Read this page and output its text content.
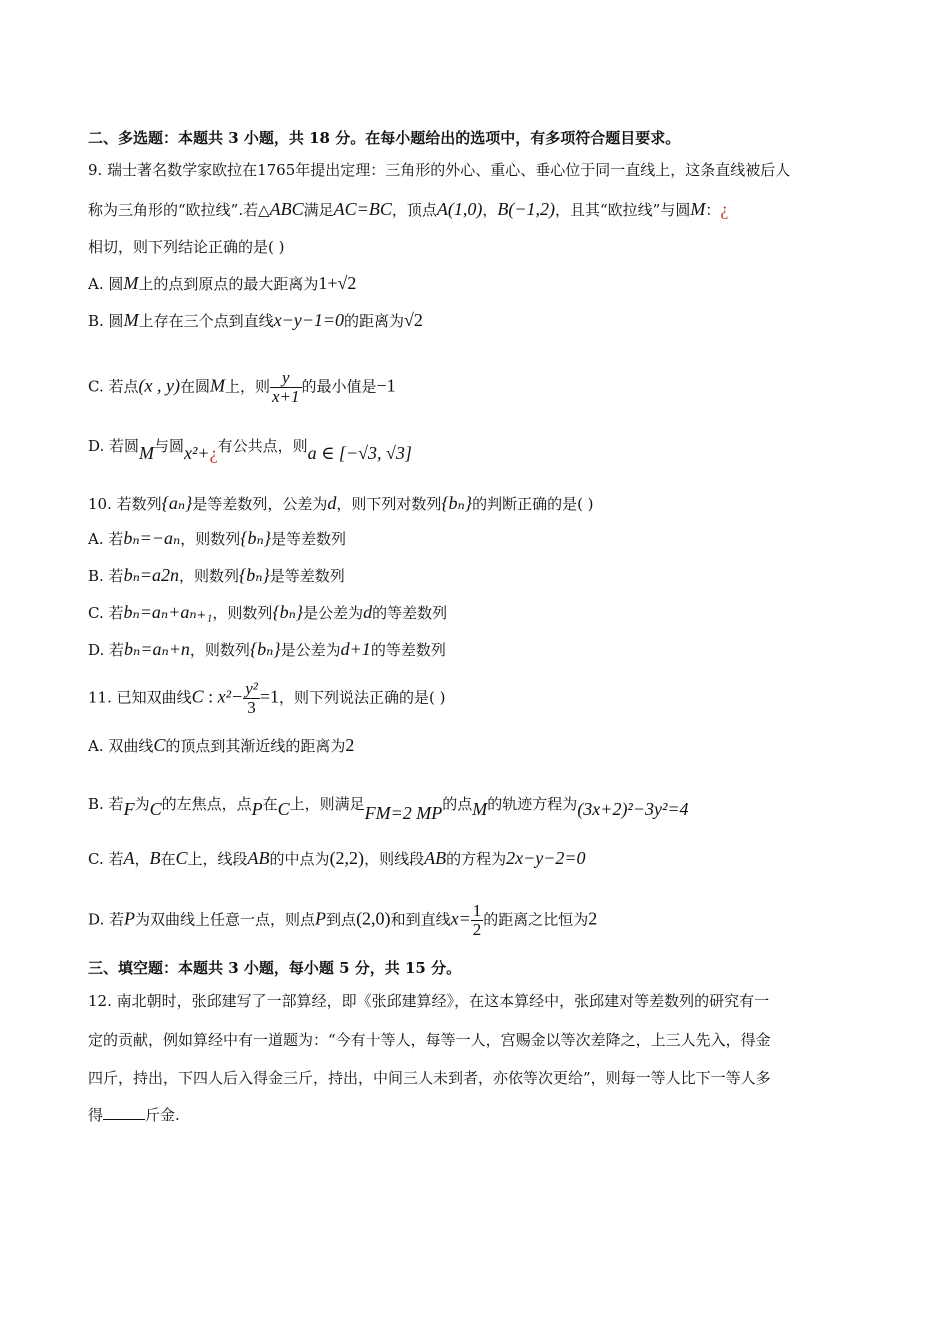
二、多选题：本题共 3 小题，共 18 分。在每小题给出的选项中，有多项符合题目要求。
9. 瑞士著名数学家欧拉在1765年提出定理：三角形的外心、重心、垂心位于同一直线上，这条直线被后人
称为三角形的“欧拉线”.若△ABC满足AC=BC，顶点A(1,0)，B(−1,2)，且其“欧拉线”与圆M：¿
相切，则下列结论正确的是( )
A. 圆M上的点到原点的最大距离为1+√2
B. 圆M上存在三个点到直线x−y−1=0的距离为√2
C. 若点(x , y)在圆M上，则 $\frac{y}{x+1}$ 的最小值是−1
D. 若圆M与圆x²+¿有公共点，则a ∈ [−√3, √3]
10. 若数列{aₙ}是等差数列，公差为d，则下列对数列{bₙ}的判断正确的是( )
A. 若bₙ=−aₙ，则数列{bₙ}是等差数列
B. 若bₙ=a2n，则数列{bₙ}是等差数列
C. 若bₙ=aₙ+aₙ₊₁，则数列{bₙ}是公差为d的等差数列
D. 若bₙ=aₙ+n，则数列{bₙ}是公差为d+1的等差数列
11. 已知双曲线C : $x^2- \frac{\text{y²}}{3} =1$，则下列说法正确的是( )
A. 双曲线C的顶点到其渐近线的距离为2
B. 若F为C的左焦点，点P在C上，则满足FM=2 MP的点M的轨迹方程为(3x+2)²−3y²=4
C. 若A，B在C上，线段AB的中点为(2,2)，则线段AB的方程为2x−y−2=0
D. 若P为双曲线上任意一点，则点P到点(2,0)和到直线$x= \frac{1}{2}$ 的距离之比恒为2
三、填空题：本题共 3 小题，每小题 5 分，共 15 分。
12. 南北朝时，张邱建写了一部算经，即《张邱建算经》，在这本算经中，张邱建对等差数列的研究有一
定的贡献，例如算经中有一道题为：“今有十等人，每等一人，宫赐金以等次差降之，上三人先入，得金
四斤，持出，下四人后入得金三斤，持出，中间三人未到者，亦依等次更给”，则每一等人比下一等人多
得	斤金.
